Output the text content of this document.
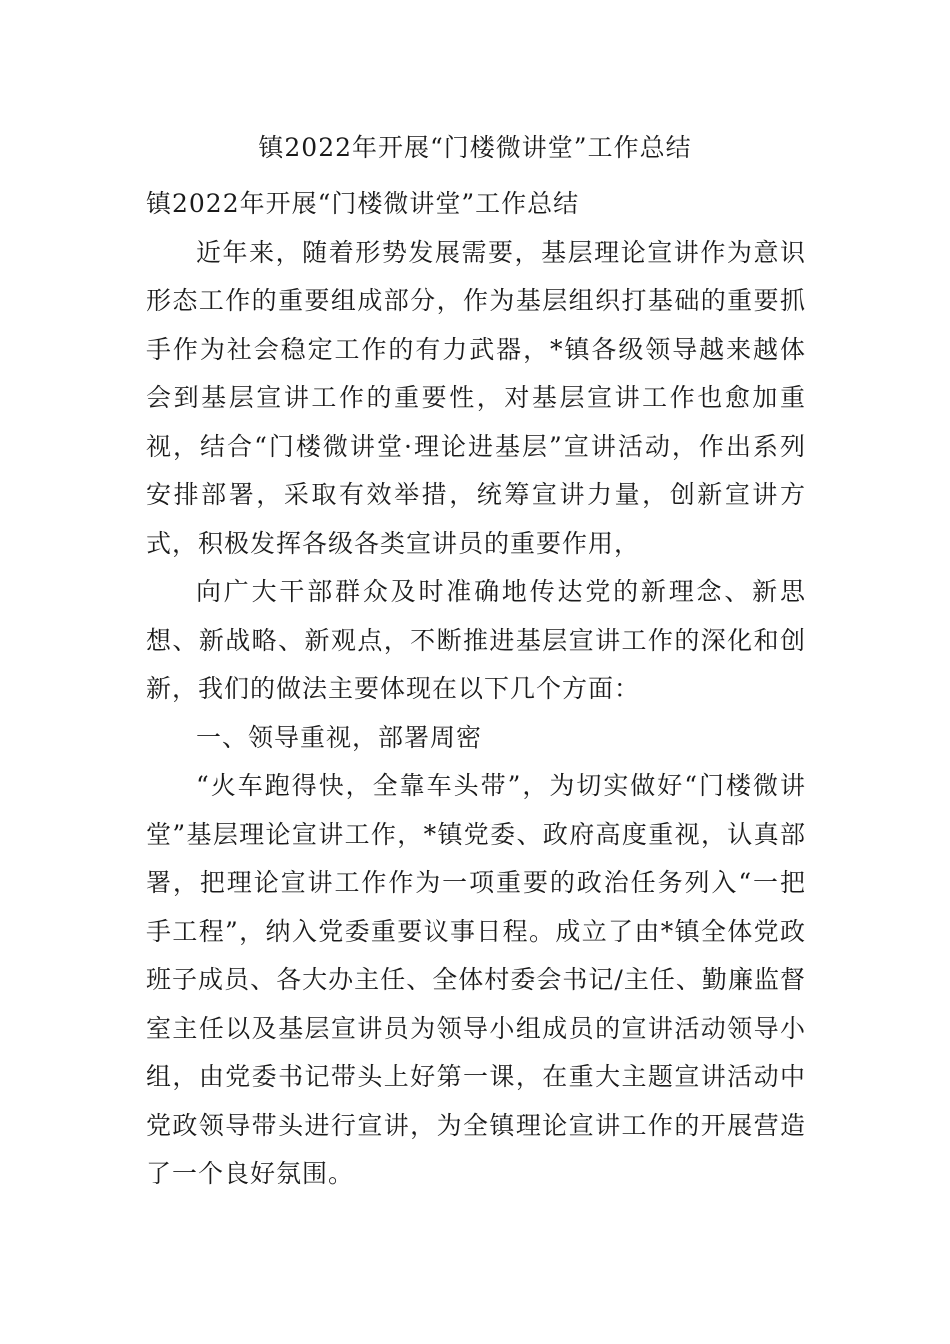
镇2022年开展“门楼微讲堂”工作总结

镇2022年开展“门楼微讲堂”工作总结

近年来，随着形势发展需要，基层理论宣讲作为意识形态工作的重要组成部分，作为基层组织打基础的重要抓手作为社会稳定工作的有力武器，*镇各级领导越来越体会到基层宣讲工作的重要性，对基层宣讲工作也愈加重视，结合“门楼微讲堂·理论进基层”宣讲活动，作出系列安排部署，采取有效举措，统筹宣讲力量，创新宣讲方式，积极发挥各级各类宣讲员的重要作用，

向广大干部群众及时准确地传达党的新理念、新思想、新战略、新观点，不断推进基层宣讲工作的深化和创新，我们的做法主要体现在以下几个方面：

一、领导重视，部署周密

“火车跑得快，全靠车头带”，为切实做好“门楼微讲堂”基层理论宣讲工作，*镇党委、政府高度重视，认真部署，把理论宣讲工作作为一项重要的政治任务列入“一把手工程”，纳入党委重要议事日程。成立了由*镇全体党政班子成员、各大办主任、全体村委会书记/主任、勤廉监督室主任以及基层宣讲员为领导小组成员的宣讲活动领导小组，由党委书记带头上好第一课，在重大主题宣讲活动中党政领导带头进行宣讲，为全镇理论宣讲工作的开展营造了一个良好氛围。
